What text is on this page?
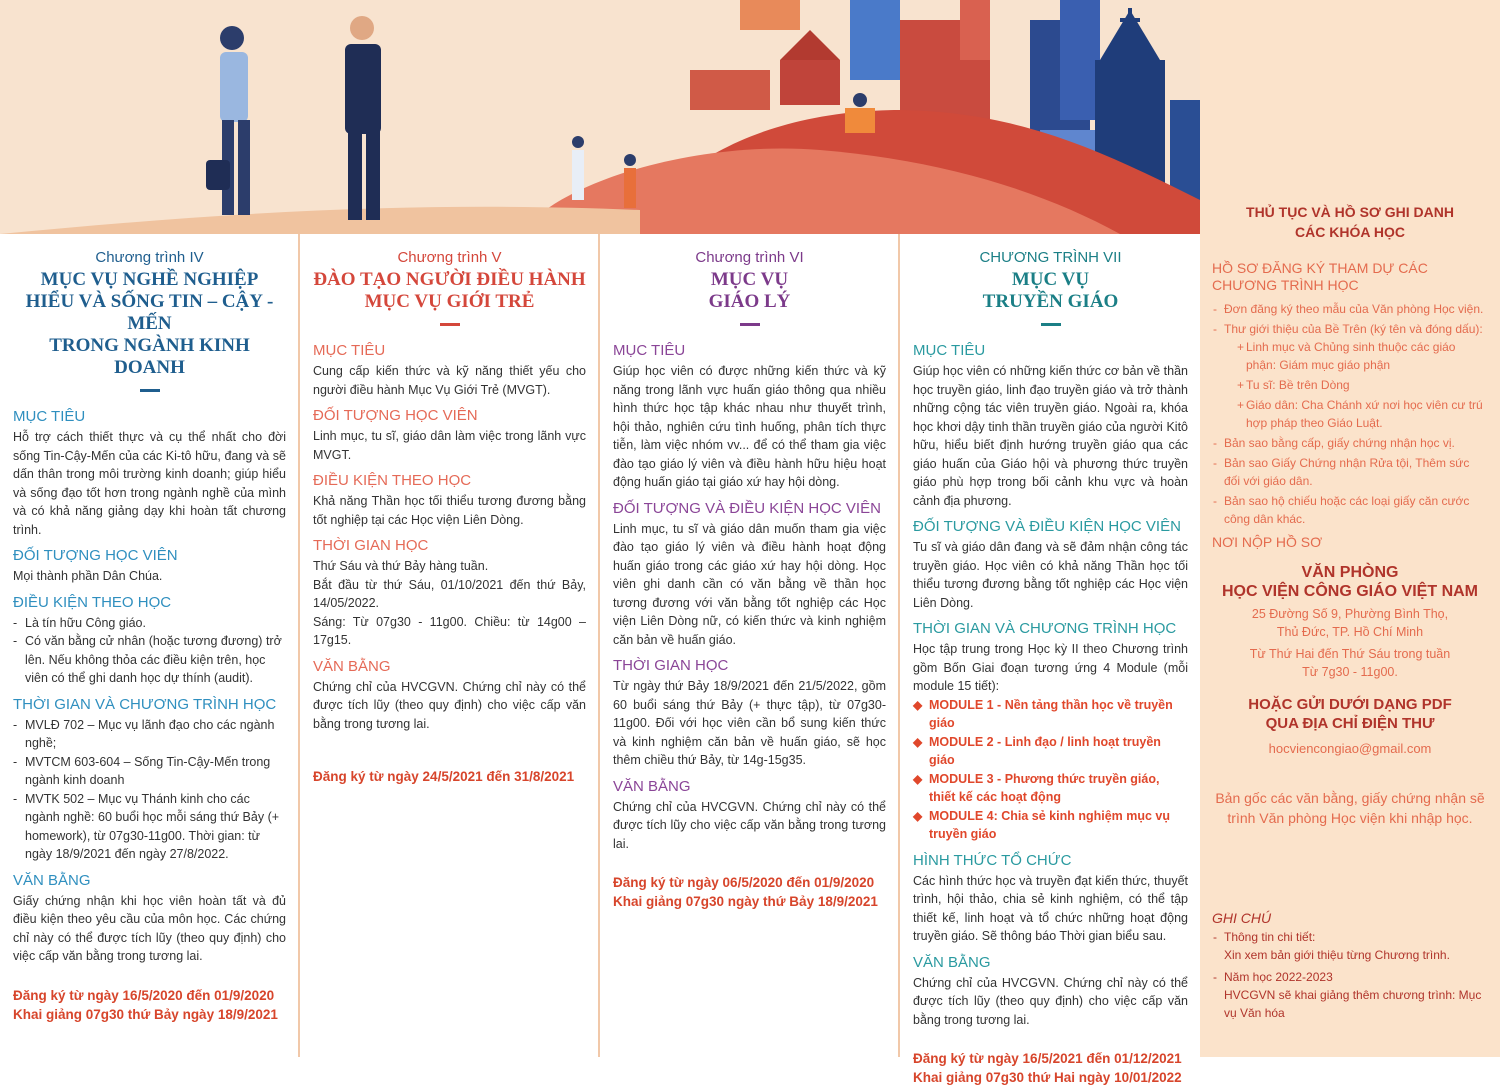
Chương trình IV
MỤC VỤ NGHỀ NGHIỆP
HIỂU VÀ SỐNG TIN – CẬY - MẾN
TRONG NGÀNH KINH DOANH
MỤC TIÊU

Hỗ trợ cách thiết thực và cụ thể nhất cho đời sống Tin-Cậy-Mến của các Ki-tô hữu, đang và sẽ dấn thân trong môi trường kinh doanh; giúp hiểu và sống đạo tốt hơn trong ngành nghề của mình và có khả năng giảng dạy khi hoàn tất chương trình.

ĐỐI TƯỢNG HỌC VIÊN

Mọi thành phần Dân Chúa.

ĐIỀU KIỆN THEO HỌC
- Là tín hữu Công giáo.
- Có văn bằng cử nhân (hoặc tương đương) trở lên. Nếu không thỏa các điều kiện trên, học viên có thể ghi danh học dự thính (audit).
THỜI GIAN VÀ CHƯƠNG TRÌNH HỌC
- MVLĐ 702 – Mục vụ lãnh đạo cho các ngành nghề;
- MVTCM 603-604 – Sống Tin-Cậy-Mến trong ngành kinh doanh
- MVTK 502 – Mục vụ Thánh kinh cho các ngành nghề: 60 buổi học mỗi sáng thứ Bảy (+ homework), từ 07g30-11g00. Thời gian: từ ngày 18/9/2021 đến ngày 27/8/2022.
VĂN BẰNG

Giấy chứng nhận khi học viên hoàn tất và đủ điều kiện theo yêu cầu của môn học. Các chứng chỉ này có thể được tích lũy (theo quy định) cho việc cấp văn bằng trong tương lai.

Đăng ký từ ngày 16/5/2020 đến 01/9/2020
Khai giảng 07g30 thứ Bảy ngày 18/9/2021
Chương trình V
ĐÀO TẠO NGƯỜI ĐIỀU HÀNH
MỤC VỤ GIỚI TRẺ
MỤC TIÊU

Cung cấp kiến thức và kỹ năng thiết yếu cho người điều hành Mục Vụ Giới Trẻ (MVGT).

ĐỐI TƯỢNG HỌC VIÊN

Linh mục, tu sĩ, giáo dân làm việc trong lãnh vực MVGT.

ĐIỀU KIỆN THEO HỌC

Khả năng Thần học tối thiểu tương đương bằng tốt nghiệp tại các Học viện Liên Dòng.

THỜI GIAN HỌC

Thứ Sáu và thứ Bảy hàng tuần.

Bắt đầu từ thứ Sáu, 01/10/2021 đến thứ Bảy, 14/05/2022.

Sáng: Từ 07g30 - 11g00. Chiều: từ 14g00 – 17g15.

VĂN BẰNG

Chứng chỉ của HVCGVN. Chứng chỉ này có thể được tích lũy (theo quy định) cho việc cấp văn bằng trong tương lai.

Đăng ký từ ngày 24/5/2021 đến 31/8/2021
Chương trình VI
MỤC VỤ
GIÁO LÝ
MỤC TIÊU

Giúp học viên có được những kiến thức và kỹ năng trong lãnh vực huấn giáo thông qua nhiều hình thức học tập khác nhau như thuyết trình, hội thảo, nghiên cứu tình huống, phân tích thực tiễn, làm việc nhóm vv... để có thể tham gia việc đào tạo giáo lý viên và điều hành hữu hiệu hoạt động huấn giáo tại giáo xứ hay hội dòng.

ĐỐI TƯỢNG VÀ ĐIỀU KIỆN HỌC VIÊN

Linh mục, tu sĩ và giáo dân muốn tham gia việc đào tạo giáo lý viên và điều hành hoạt động huấn giáo trong các giáo xứ hay hội dòng. Học viên ghi danh cần có văn bằng về thần học tương đương với văn bằng tốt nghiệp các Học viện Liên Dòng nữ, có kiến thức và kinh nghiệm căn bản về huấn giáo.

THỜI GIAN HỌC

Từ ngày thứ Bảy 18/9/2021 đến 21/5/2022, gồm 60 buổi sáng thứ Bảy (+ thực tập), từ 07g30-11g00. Đối với học viên cần bổ sung kiến thức và kinh nghiệm căn bản về huấn giáo, sẽ học thêm chiều thứ Bảy, từ 14g-15g35.

VĂN BẰNG

Chứng chỉ của HVCGVN. Chứng chỉ này có thể được tích lũy cho việc cấp văn bằng trong tương lai.

Đăng ký từ ngày 06/5/2020 đến 01/9/2020
Khai giảng 07g30 ngày thứ Bảy 18/9/2021
CHƯƠNG TRÌNH VII
MỤC VỤ
TRUYỀN GIÁO
MỤC TIÊU

Giúp học viên có những kiến thức cơ bản về thần học truyền giáo, linh đạo truyền giáo và trở thành những cộng tác viên truyền giáo. Ngoài ra, khóa học khơi dậy tinh thần truyền giáo của người Kitô hữu, hiểu biết định hướng truyền giáo qua các giáo huấn của Giáo hội và phương thức truyền giáo phù hợp trong bối cảnh khu vực và hoàn cảnh địa phương.

ĐỐI TƯỢNG VÀ ĐIỀU KIỆN HỌC VIÊN

Tu sĩ và giáo dân đang và sẽ đảm nhận công tác truyền giáo. Học viên có khả năng Thần học tối thiểu tương đương bằng tốt nghiệp các Học viện Liên Dòng.

THỜI GIAN VÀ CHƯƠNG TRÌNH HỌC

Học tập trung trong Học kỳ II theo Chương trình gồm Bốn Giai đoạn tương ứng 4 Module (mỗi module 15 tiết):

◆ MODULE 1 - Nền tảng thần học về truyền giáo
◆ MODULE 2 - Linh đạo / linh hoạt truyền giáo
◆ MODULE 3 - Phương thức truyền giáo, thiết kế các hoạt động
◆ MODULE 4: Chia sẻ kinh nghiệm mục vụ truyền giáo
HÌNH THỨC TỔ CHỨC

Các hình thức học và truyền đạt kiến thức, thuyết trình, hội thảo, chia sẻ kinh nghiệm, có thể tập thiết kế, linh hoạt và tổ chức những hoạt động truyền giáo. Sẽ thông báo Thời gian biểu sau.

VĂN BẰNG

Chứng chỉ của HVCGVN. Chứng chỉ này có thể được tích lũy (theo quy định) cho việc cấp văn bằng trong tương lai.

Đăng ký từ ngày 16/5/2021 đến 01/12/2021
Khai giảng 07g30 thứ Hai ngày 10/01/2022
THỦ TỤC VÀ HỒ SƠ GHI DANH
CÁC KHÓA HỌC
HỒ SƠ ĐĂNG KÝ THAM DỰ CÁC CHƯƠNG TRÌNH HỌC
- Đơn đăng ký theo mẫu của Văn phòng Học viện.
- Thư giới thiệu của Bề Trên (ký tên và đóng dấu):
+ Linh mục và Chủng sinh thuộc các giáo phận: Giám mục giáo phận
+ Tu sĩ: Bề trên Dòng
+ Giáo dân: Cha Chánh xứ nơi học viên cư trú hợp pháp theo Giáo Luật.
- Bản sao bằng cấp, giấy chứng nhận học vị.
- Bản sao Giấy Chứng nhận Rửa tội, Thêm sức đối với giáo dân.
- Bản sao hộ chiếu hoặc các loại giấy căn cước công dân khác.
NƠI NỘP HỒ SƠ
VĂN PHÒNG
HỌC VIỆN CÔNG GIÁO VIỆT NAM
25 Đường Số 9, Phường Bình Thọ,
Thủ Đức, TP. Hồ Chí Minh
Từ Thứ Hai đến Thứ Sáu trong tuần
Từ 7g30 - 11g00.
HOẶC GỬI DƯỚI DẠNG PDF
QUA ĐỊA CHỈ ĐIỆN THƯ
hocviencongiao@gmail.com
Bản gốc các văn bằng, giấy chứng nhận sẽ trình Văn phòng Học viện khi nhập học.
GHI CHÚ
- Thông tin chi tiết:
Xin xem bản giới thiệu từng Chương trình.
- Năm học 2022-2023
HVCGVN sẽ khai giảng thêm chương trình: Mục vụ Văn hóa
